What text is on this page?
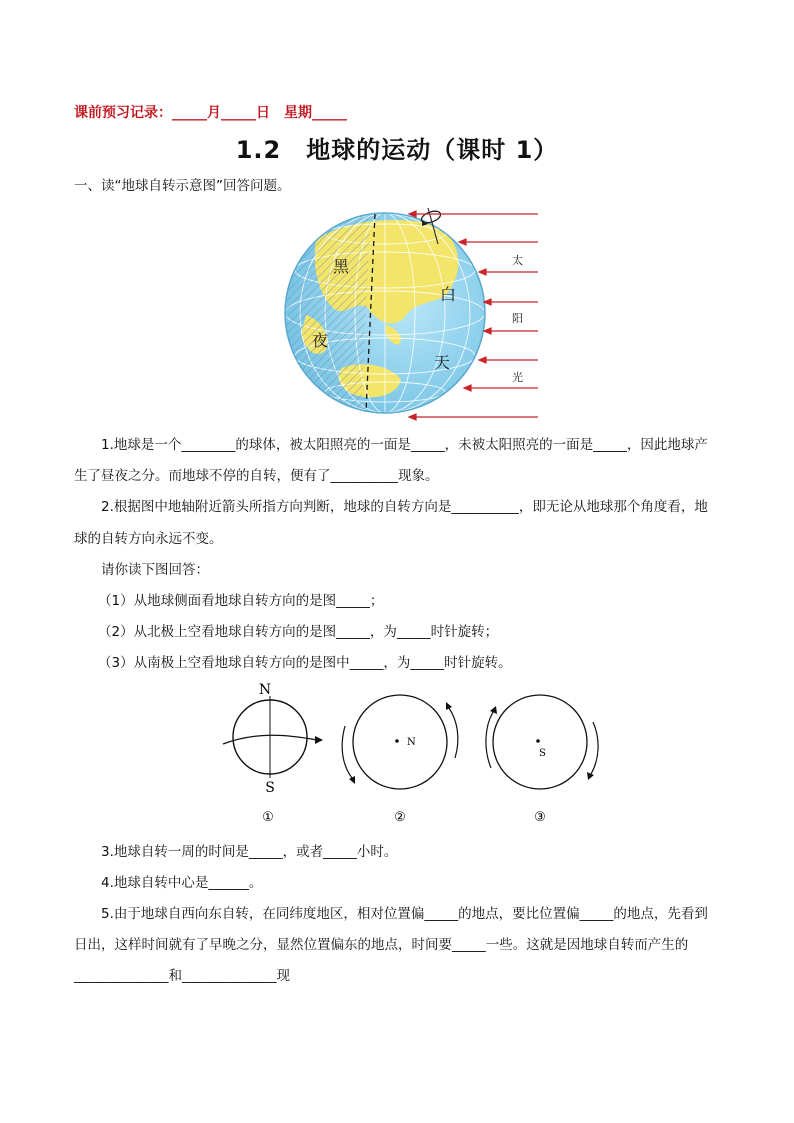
课前预习记录：_____月_____日　星期_____
1.2　地球的运动（课时 1）
一、读“地球自转示意图”回答问题。
黑
夜
白
天
太
阳
光
1.地球是一个________的球体，被太阳照亮的一面是_____，未被太阳照亮的一面是_____，因此地球产
生了昼夜之分。而地球不停的自转，便有了__________现象。
2.根据图中地轴附近箭头所指方向判断，地球的自转方向是__________，即无论从地球那个角度看，地
球的自转方向永远不变。
请你读下图回答：
（1）从地球侧面看地球自转方向的是图_____；
（2）从北极上空看地球自转方向的是图_____，为_____时针旋转；
（3）从南极上空看地球自转方向的是图中_____，为_____时针旋转。
N
S
①
N
②
S
③
3.地球自转一周的时间是_____，或者_____小时。
4.地球自转中心是______。
5.由于地球自西向东自转，在同纬度地区，相对位置偏_____的地点，要比位置偏_____的地点，先看到
日出，这样时间就有了早晚之分，显然位置偏东的地点，时间要_____一些。这就是因地球自转而产生的
______________和______________现
